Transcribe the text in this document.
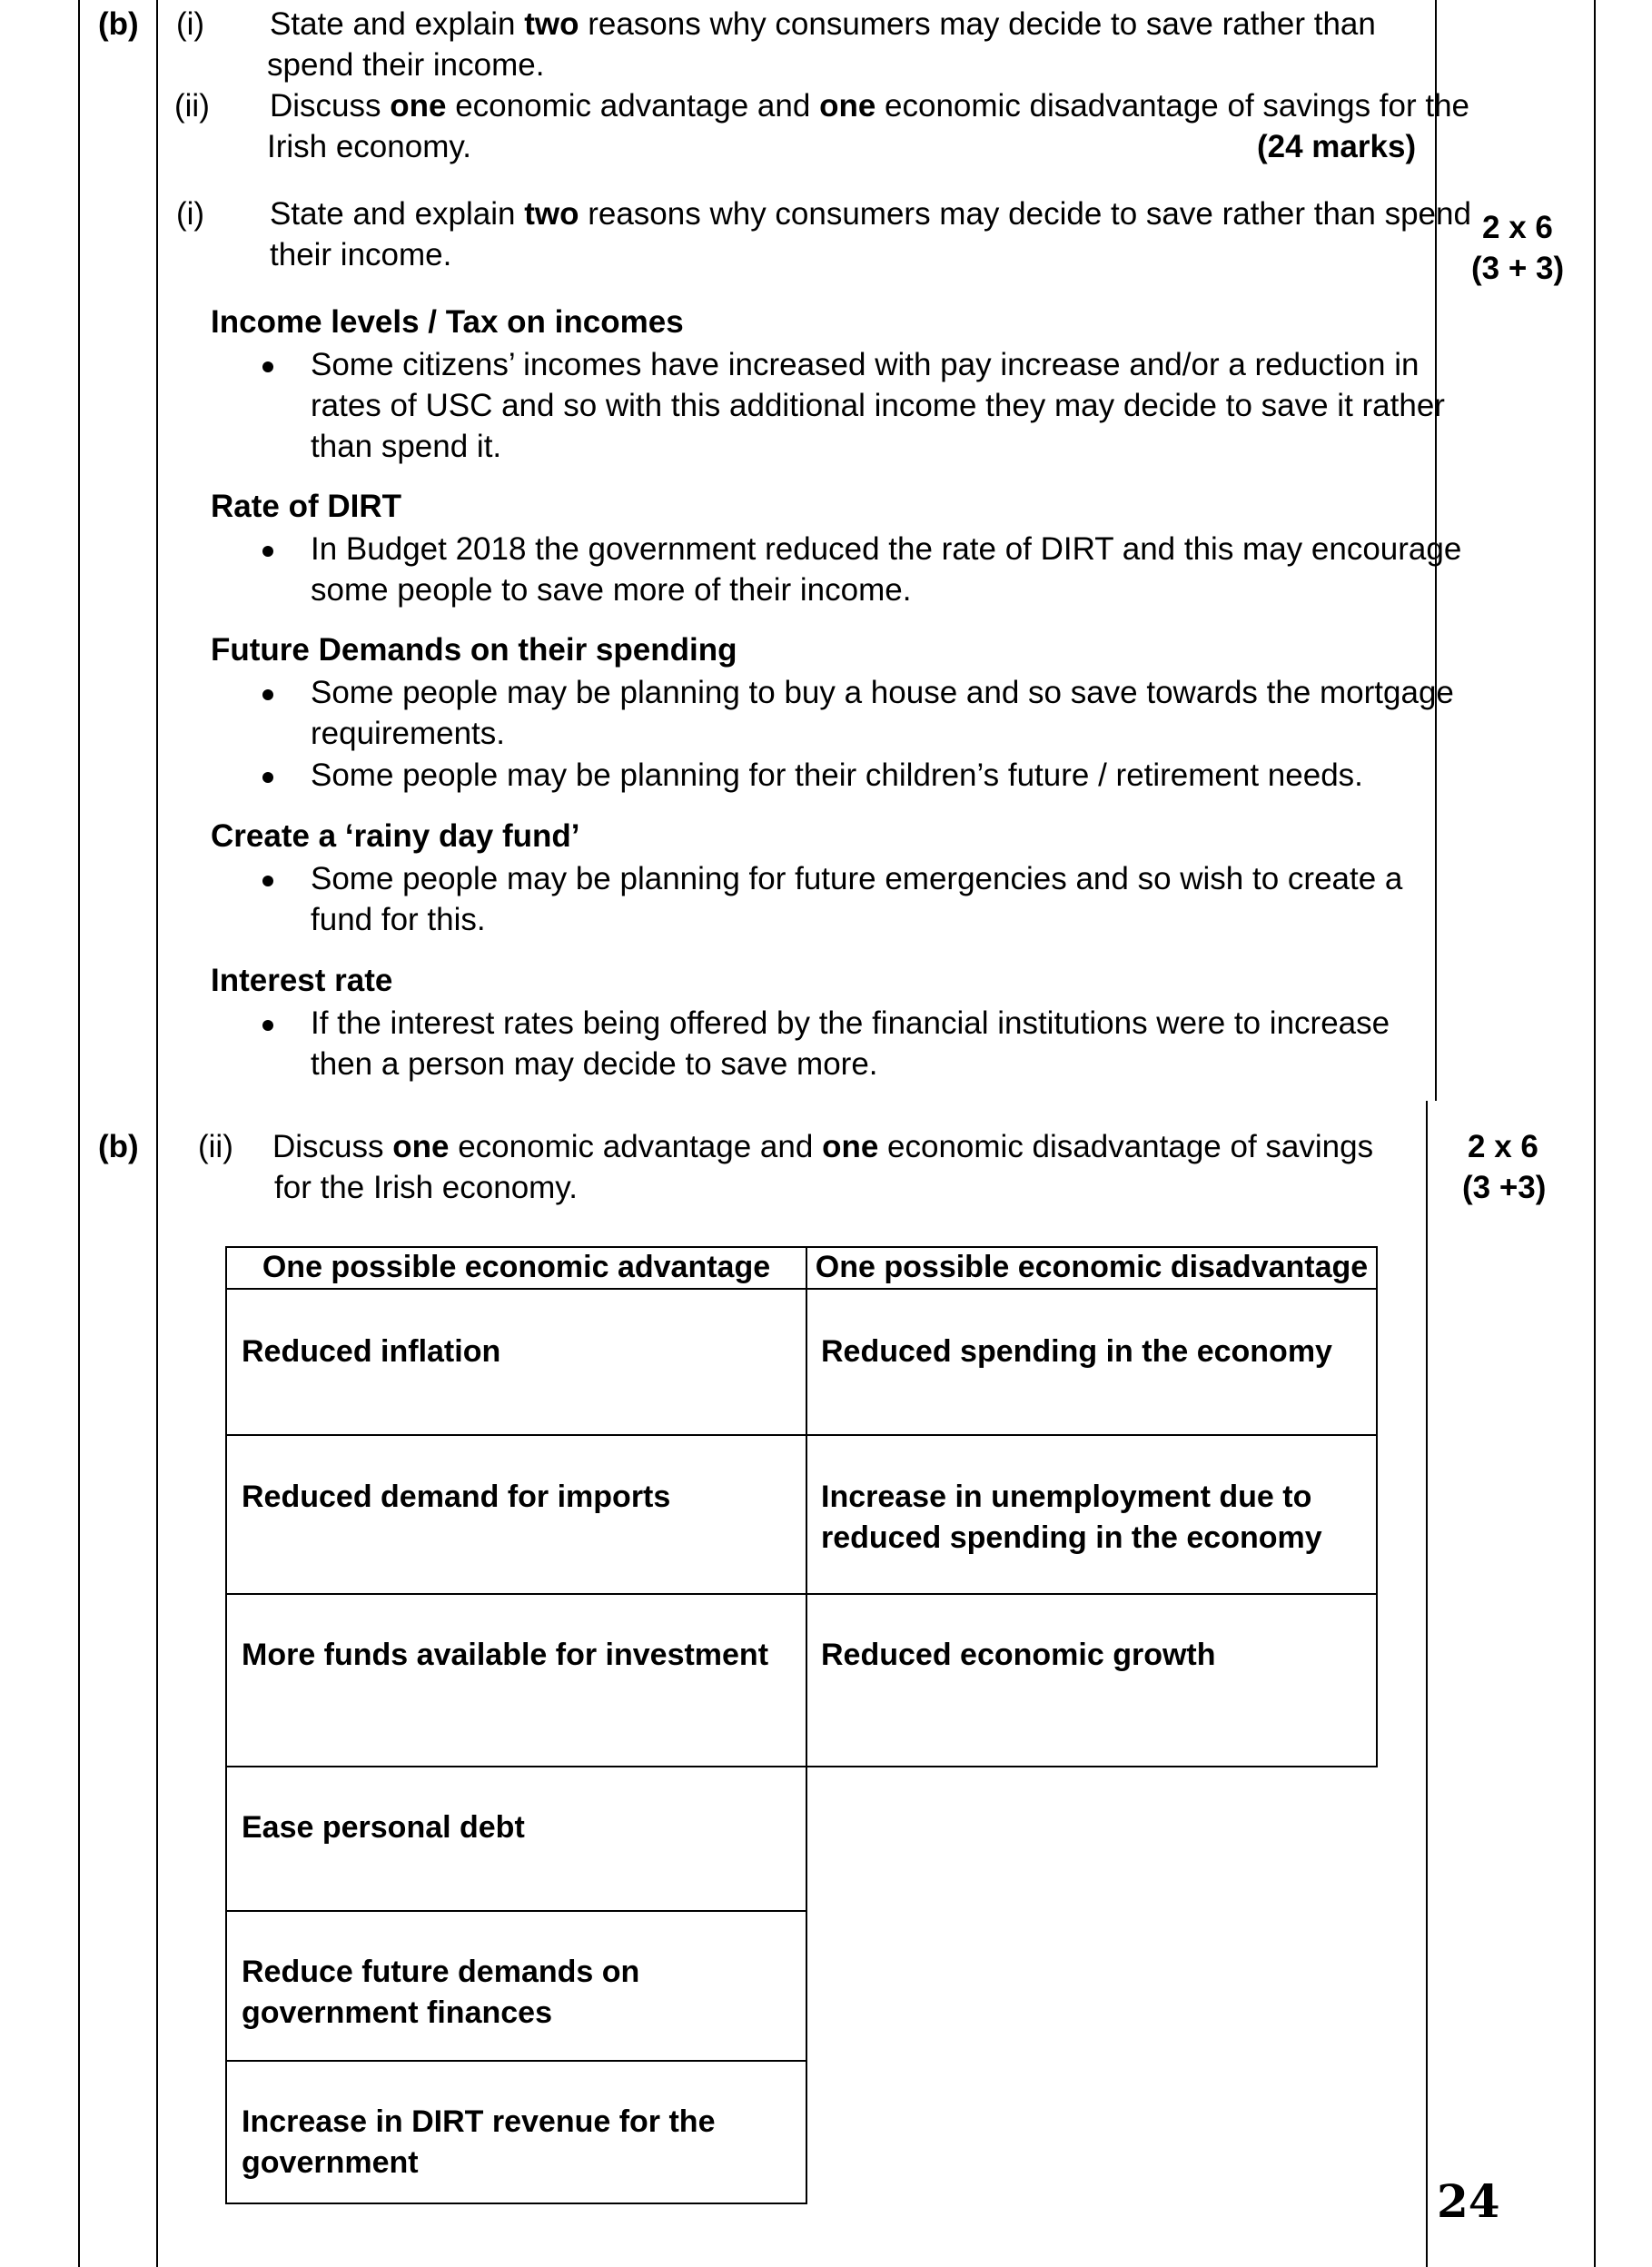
(b) (i) State and explain two reasons why consumers may decide to save rather than
spend their income.
(ii) Discuss one economic advantage and one economic disadvantage of savings for the
Irish economy.	(24 marks)
(i) State and explain two reasons why consumers may decide to save rather than spend
their income.
2 x 6
(3 + 3)
Income levels / Tax on incomes
Some citizens’ incomes have increased with pay increase and/or a reduction in
rates of USC and so with this additional income they may decide to save it rather
than spend it.
Rate of DIRT
In Budget 2018 the government reduced the rate of DIRT and this may encourage
some people to save more of their income.
Future Demands on their spending
Some people may be planning to buy a house and so save towards the mortgage
requirements.
Some people may be planning for their children’s future / retirement needs.
Create a ‘rainy day fund’
Some people may be planning for future emergencies and so wish to create a
fund for this.
Interest rate
If the interest rates being offered by the financial institutions were to increase
then a person may decide to save more.
(b) (ii) Discuss one economic advantage and one economic disadvantage of savings
for the Irish economy.
2 x 6
(3 +3)
One possible economic advantage	One possible economic disadvantage
Reduced inflation
Reduced demand for imports
More funds available for investment
Ease personal debt
Reduce future demands on
government finances
Increase in DIRT revenue for the
government
Reduced spending in the economy
Increase in unemployment due to
reduced spending in the economy
Reduced economic growth
24
